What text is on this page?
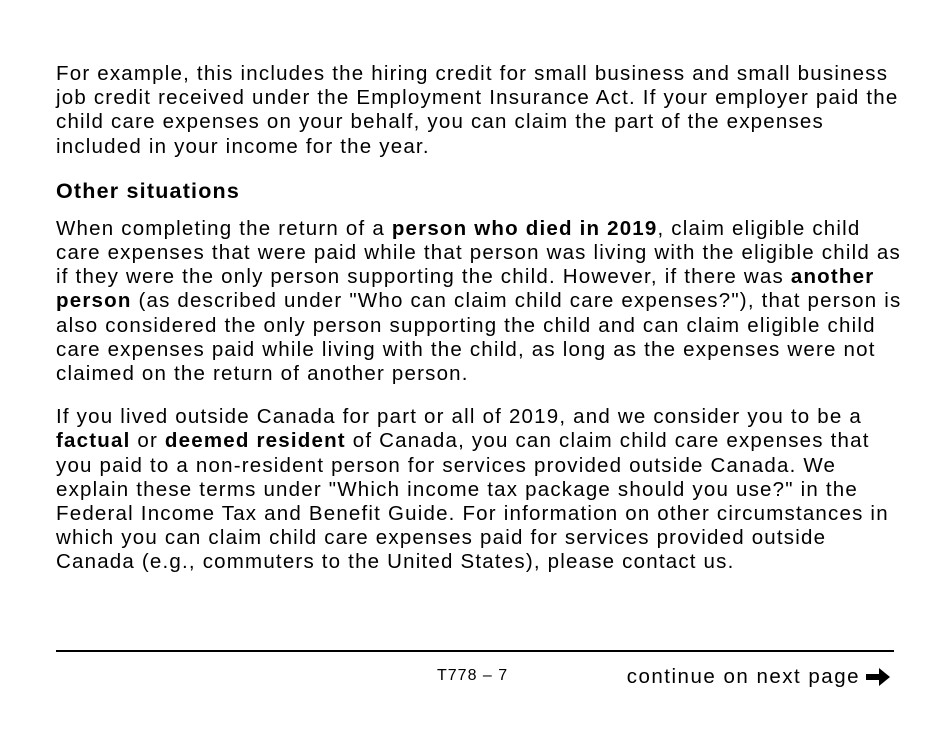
For example, this includes the hiring credit for small business and small business job credit received under the Employment Insurance Act. If your employer paid the child care expenses on your behalf, you can claim the part of the expenses included in your income for the year.

Other situations

When completing the return of a person who died in 2019, claim eligible child care expenses that were paid while that person was living with the eligible child as if they were the only person supporting the child. However, if there was another person (as described under "Who can claim child care expenses?"), that person is also considered the only person supporting the child and can claim eligible child care expenses paid while living with the child, as long as the expenses were not claimed on the return of another person.

If you lived outside Canada for part or all of 2019, and we consider you to be a factual or deemed resident of Canada, you can claim child care expenses that you paid to a non-resident person for services provided outside Canada. We explain these terms under "Which income tax package should you use?" in the Federal Income Tax and Benefit Guide. For information on other circumstances in which you can claim child care expenses paid for services provided outside Canada (e.g., commuters to the United States), please contact us.

T778 – 7	continue on next page
